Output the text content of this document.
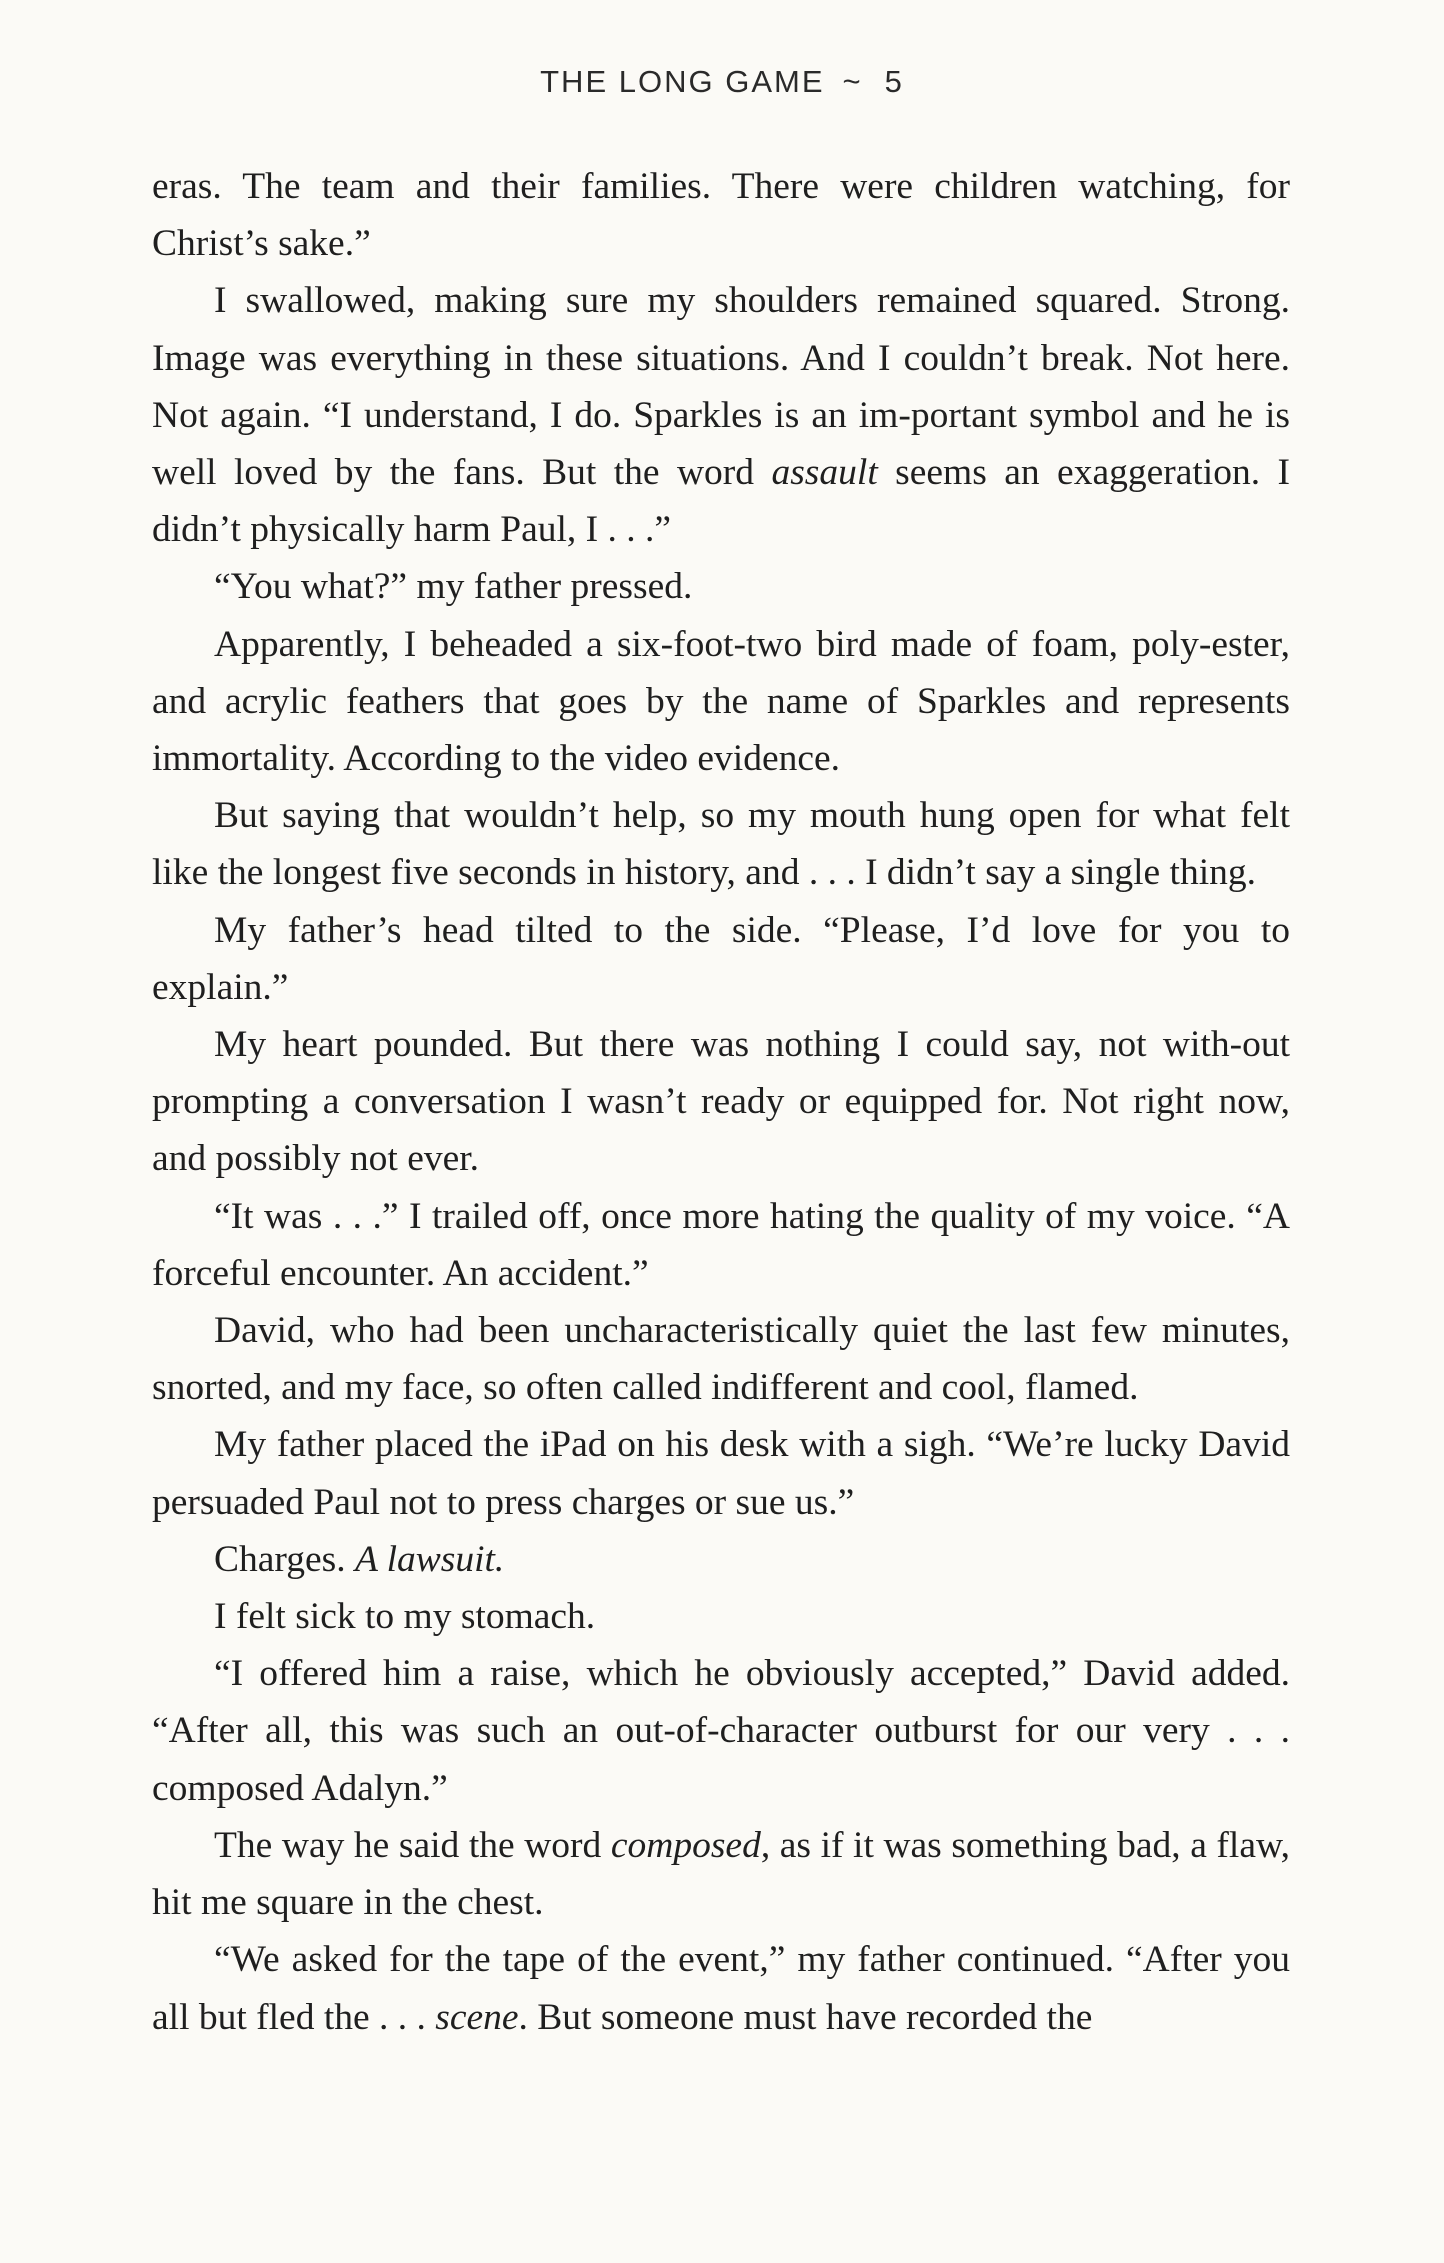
THE LONG GAME ~ 5

eras. The team and their families. There were children watching, for Christ’s sake.”

I swallowed, making sure my shoulders remained squared. Strong. Image was everything in these situations. And I couldn’t break. Not here. Not again. “I understand, I do. Sparkles is an im-portant symbol and he is well loved by the fans. But the word assault seems an exaggeration. I didn’t physically harm Paul, I . . .”

“You what?” my father pressed.

Apparently, I beheaded a six-foot-two bird made of foam, poly-ester, and acrylic feathers that goes by the name of Sparkles and represents immortality. According to the video evidence.

But saying that wouldn’t help, so my mouth hung open for what felt like the longest five seconds in history, and . . . I didn’t say a single thing.

My father’s head tilted to the side. “Please, I’d love for you to explain.”

My heart pounded. But there was nothing I could say, not with-out prompting a conversation I wasn’t ready or equipped for. Not right now, and possibly not ever.

“It was . . .” I trailed off, once more hating the quality of my voice. “A forceful encounter. An accident.”

David, who had been uncharacteristically quiet the last few minutes, snorted, and my face, so often called indifferent and cool, flamed.

My father placed the iPad on his desk with a sigh. “We’re lucky David persuaded Paul not to press charges or sue us.”

Charges. A lawsuit.

I felt sick to my stomach.

“I offered him a raise, which he obviously accepted,” David added. “After all, this was such an out-of-character outburst for our very . . . composed Adalyn.”

The way he said the word composed, as if it was something bad, a flaw, hit me square in the chest.

“We asked for the tape of the event,” my father continued. “After you all but fled the . . . scene. But someone must have recorded the
